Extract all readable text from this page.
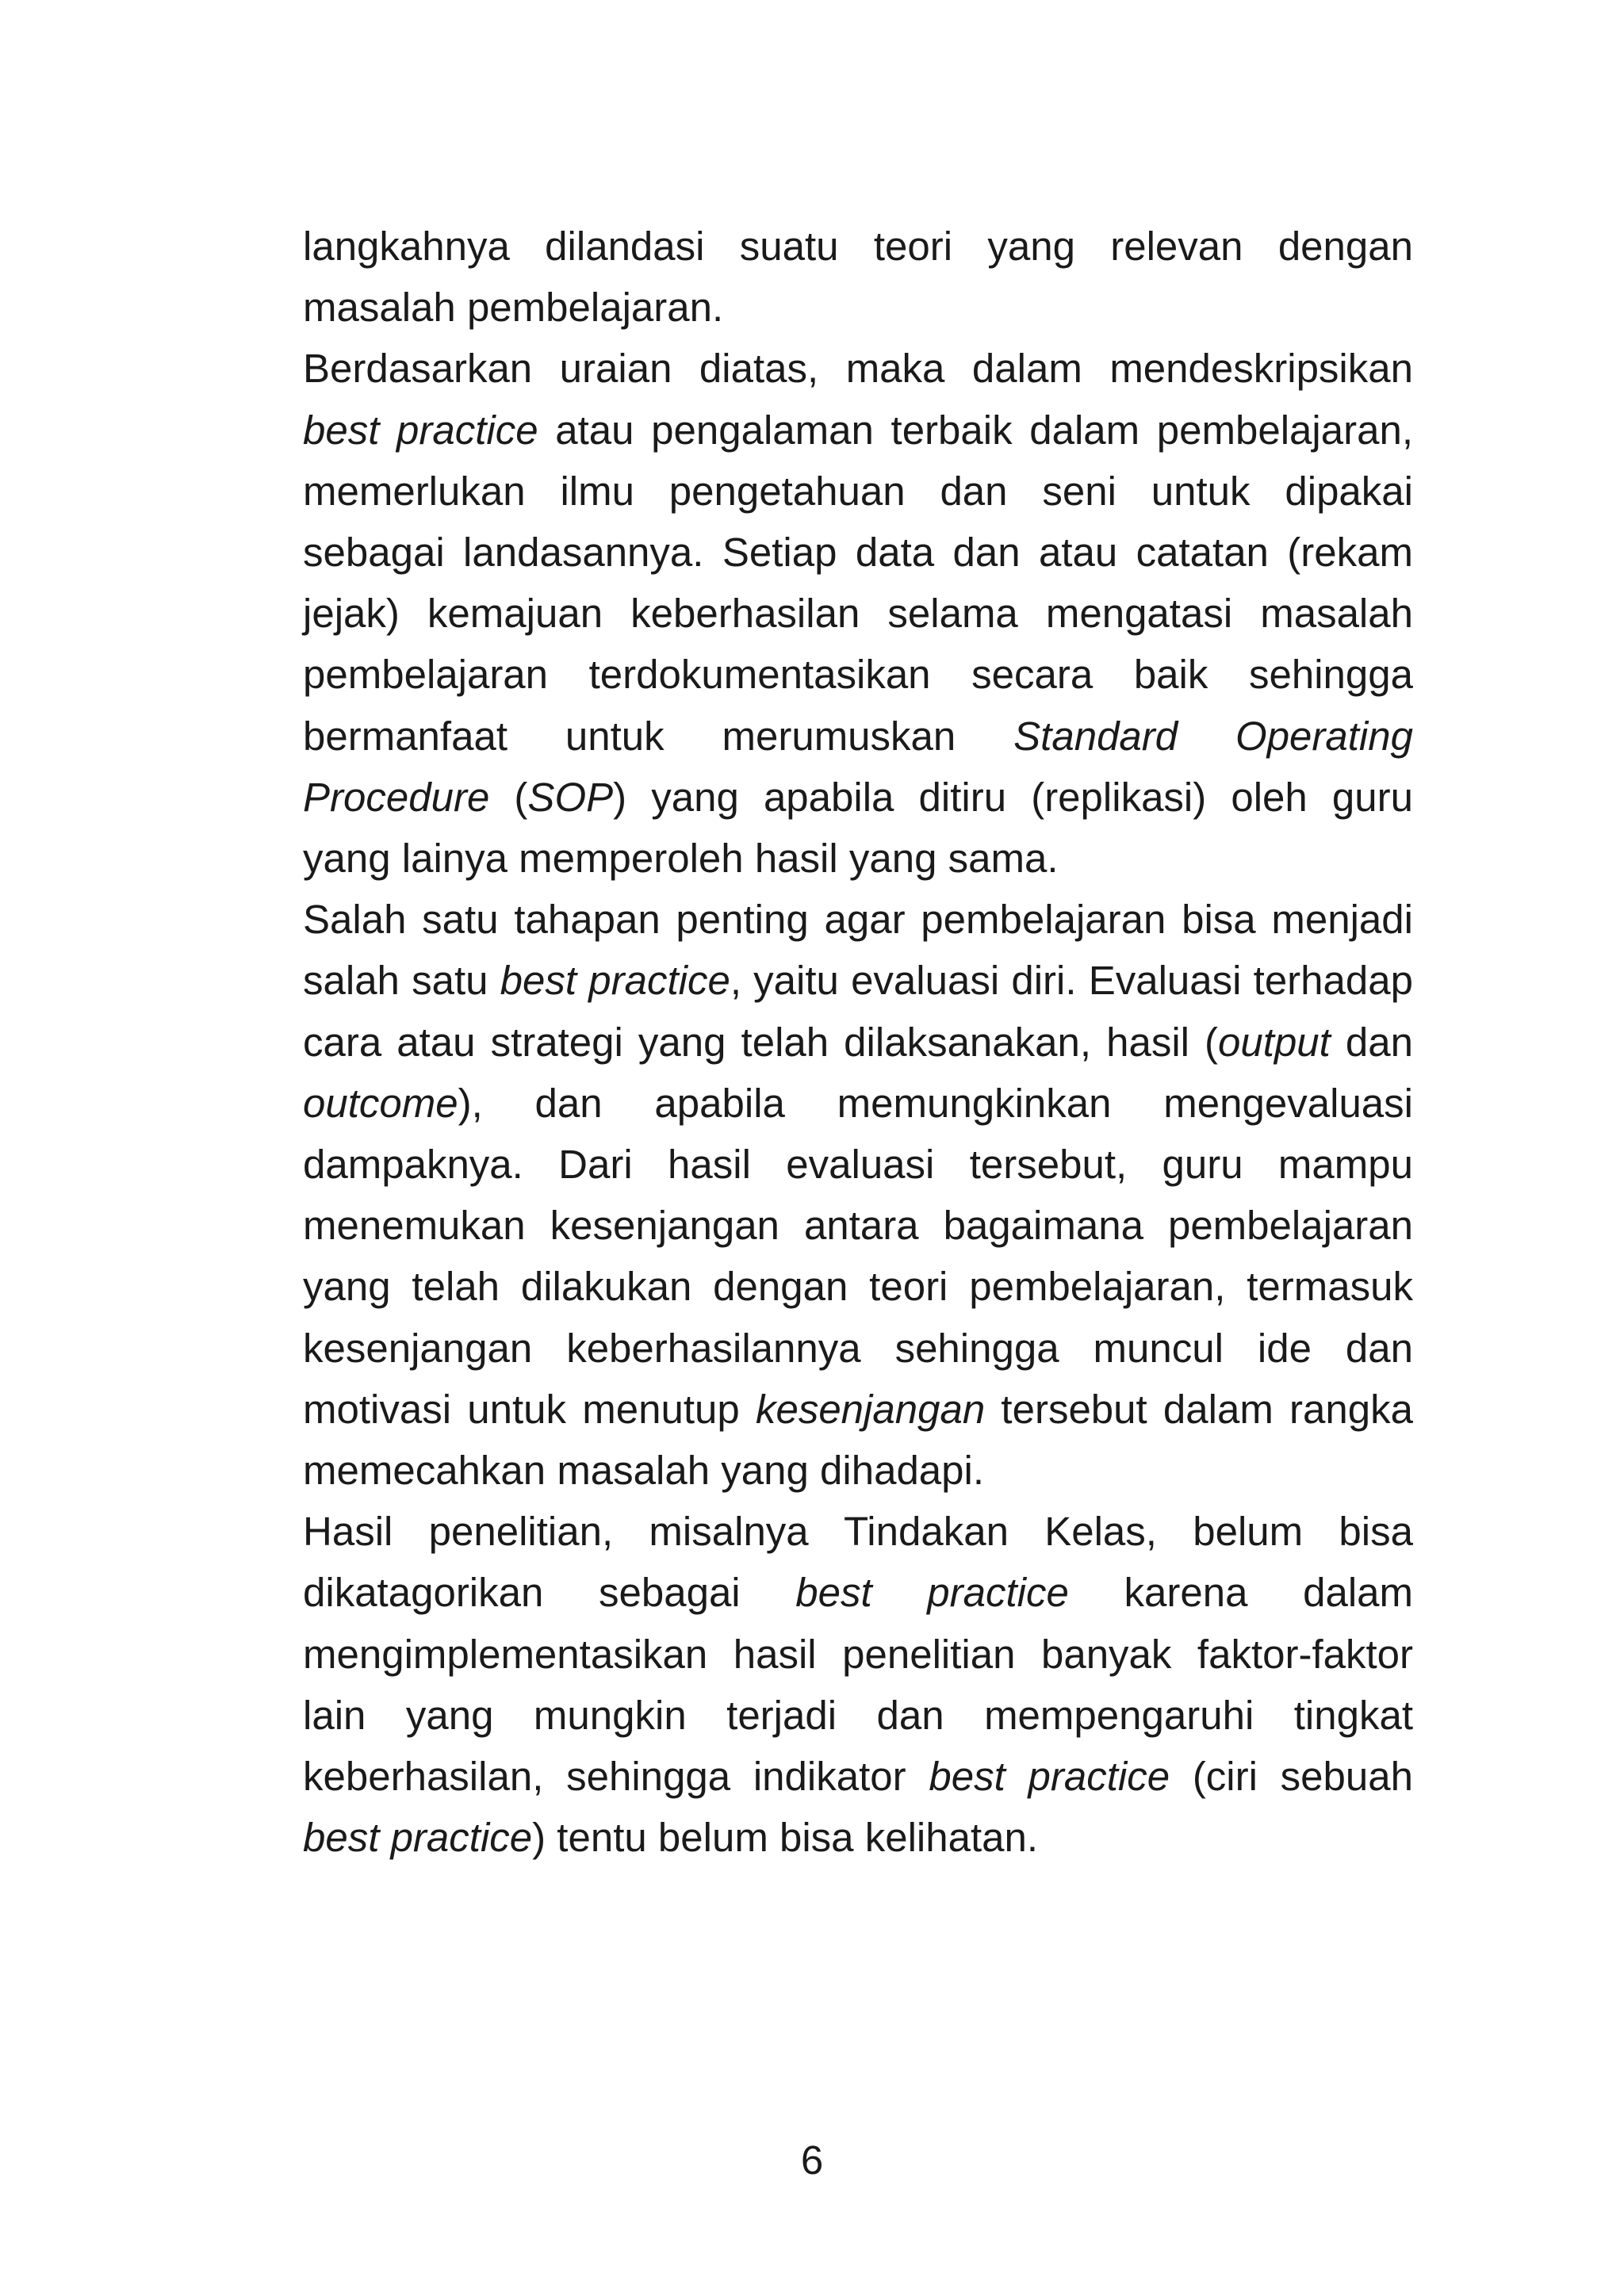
langkahnya dilandasi suatu teori yang relevan dengan masalah pembelajaran.

Berdasarkan uraian diatas, maka dalam mendeskripsikan best practice atau pengalaman terbaik dalam pembelajaran, memerlukan ilmu pengetahuan dan seni untuk dipakai sebagai landasannya. Setiap data dan atau catatan (rekam jejak) kemajuan keberhasilan selama mengatasi masalah pembelajaran terdokumentasikan secara baik sehingga bermanfaat untuk merumuskan Standard Operating Procedure (SOP) yang apabila ditiru (replikasi) oleh guru yang lainya memperoleh hasil yang sama.

Salah satu tahapan penting agar pembelajaran bisa menjadi salah satu best practice, yaitu evaluasi diri. Evaluasi terhadap cara atau strategi yang telah dilaksanakan, hasil (output dan outcome), dan apabila memungkinkan mengevaluasi dampaknya. Dari hasil evaluasi tersebut, guru mampu menemukan kesenjangan antara bagaimana pembelajaran yang telah dilakukan dengan teori pembelajaran, termasuk kesenjangan keberhasilannya sehingga muncul ide dan motivasi untuk menutup kesenjangan tersebut dalam rangka memecahkan masalah yang dihadapi.

Hasil penelitian, misalnya Tindakan Kelas, belum bisa dikatagorikan sebagai best practice karena dalam mengimplementasikan hasil penelitian banyak faktor-faktor lain yang mungkin terjadi dan mempengaruhi tingkat keberhasilan, sehingga indikator best practice (ciri sebuah best practice) tentu belum bisa kelihatan.

6
